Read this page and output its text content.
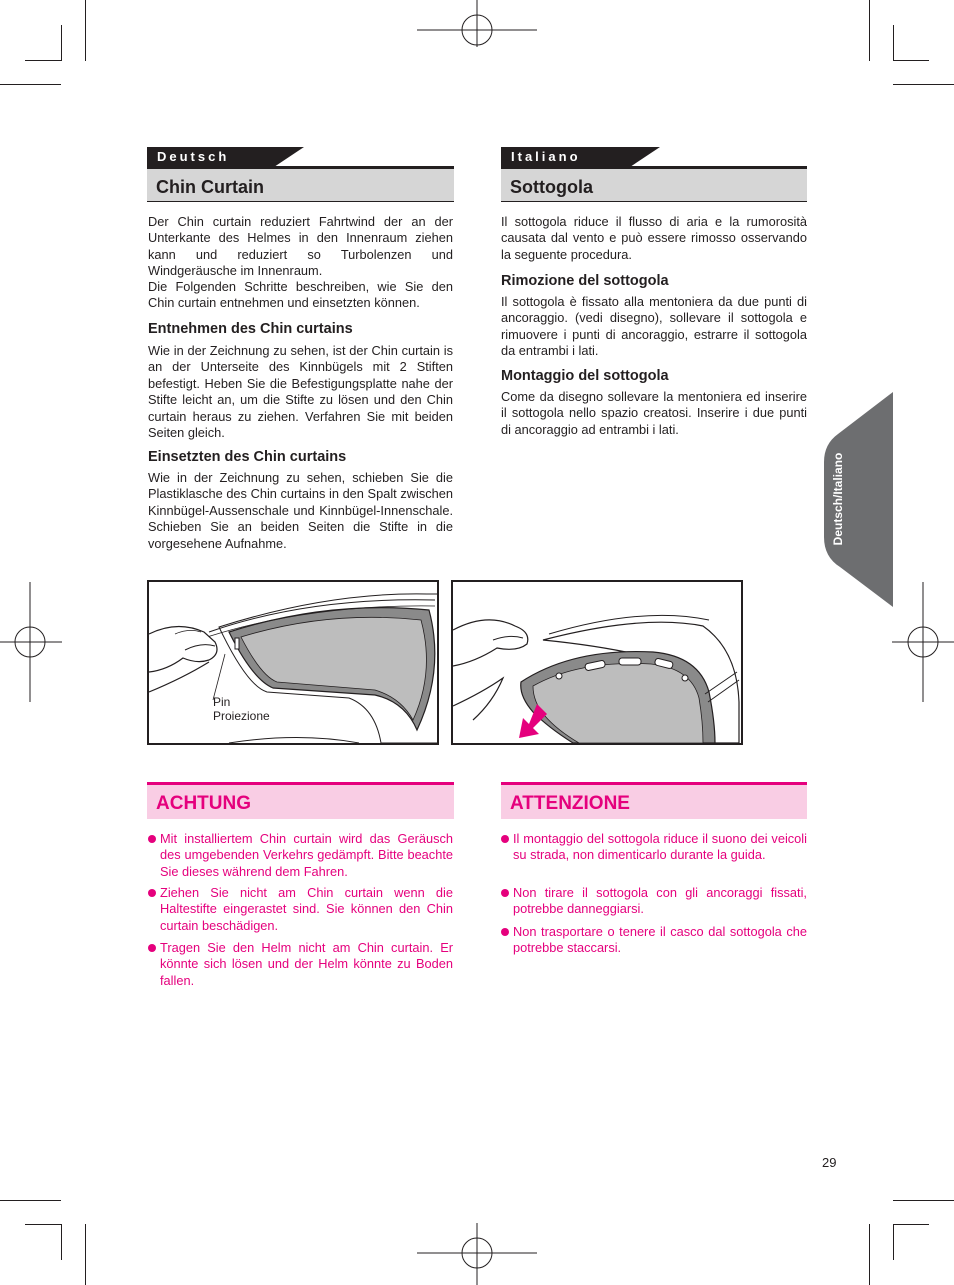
Deutsch
Chin Curtain
Italiano
Sottogola
Der Chin curtain reduziert Fahrtwind der an der Unterkante des Helmes in den Innenraum ziehen kann und reduziert so Turbolenzen und Windgeräusche im Innenraum.
Die Folgenden Schritte beschreiben, wie Sie den Chin curtain entnehmen und einsetzten können.
Entnehmen des Chin curtains
Wie in der Zeichnung zu sehen, ist der Chin curtain is an der Unterseite des Kinnbügels mit 2 Stiften befestigt. Heben Sie die Befestigungsplatte nahe der Stifte leicht an, um die Stifte zu lösen und den Chin curtain heraus zu ziehen. Verfahren Sie mit beiden Seiten gleich.
Einsetzten des Chin curtains
Wie in der Zeichnung zu sehen, schieben Sie die Plastiklasche des Chin curtains in den Spalt zwischen Kinnbügel-Aussenschale und Kinnbügel-Innenschale. Schieben Sie an beiden Seiten die Stifte in die vorgesehene Aufnahme.
Il sottogola riduce il flusso di aria e la rumorosità causata dal vento e può essere rimosso osservando la seguente procedura.
Rimozione del sottogola
Il sottogola è fissato alla mentoniera da due punti di ancoraggio. (vedi disegno), sollevare il sottogola e rimuovere i punti di ancoraggio, estrarre il sottogola da entrambi i lati.
Montaggio del sottogola
Come da disegno sollevare la mentoniera ed inserire il sottogola nello spazio creatosi. Inserire i due punti di ancoraggio ad entrambi i lati.
Deutsch/Italiano
Pin
Proiezione
ACHTUNG
Mit installiertem Chin curtain wird das Geräusch des umgebenden Verkehrs gedämpft. Bitte beachte Sie dieses während dem Fahren.
Ziehen Sie nicht am Chin curtain wenn die Haltestifte eingerastet sind. Sie können den Chin curtain beschädigen.
Tragen Sie den Helm nicht am Chin curtain. Er könnte sich lösen und der Helm könnte zu Boden fallen.
ATTENZIONE
Il montaggio del sottogola riduce il suono dei veicoli su strada, non dimenticarlo durante la guida.
Non tirare il sottogola con gli ancoraggi fissati, potrebbe danneggiarsi.
Non trasportare o tenere il casco dal sottogola che potrebbe staccarsi.
29
